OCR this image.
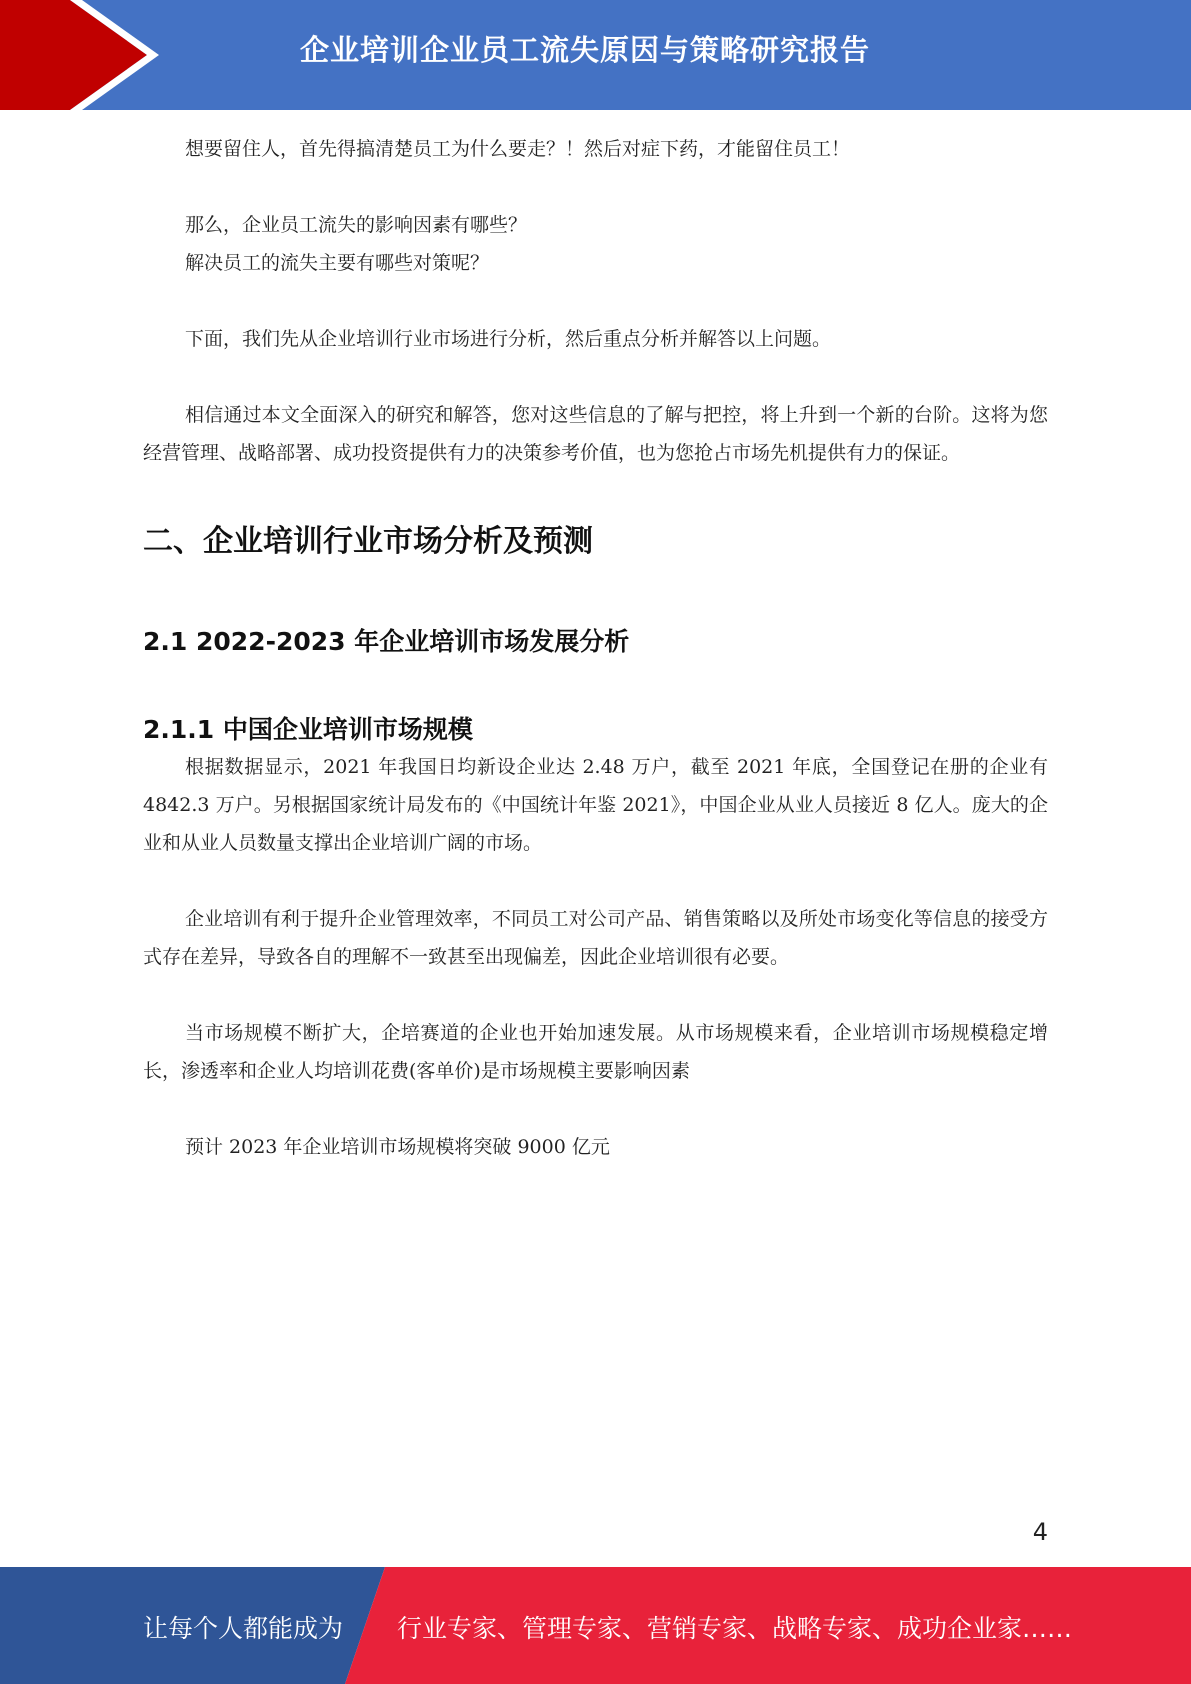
企业培训企业员工流失原因与策略研究报告

想要留住人，首先得搞清楚员工为什么要走？！然后对症下药，才能留住员工！

那么，企业员工流失的影响因素有哪些？

解决员工的流失主要有哪些对策呢？

下面，我们先从企业培训行业市场进行分析，然后重点分析并解答以上问题。

相信通过本文全面深入的研究和解答，您对这些信息的了解与把控，将上升到一个新的台阶。这将为您经营管理、战略部署、成功投资提供有力的决策参考价值，也为您抢占市场先机提供有力的保证。

二、企业培训行业市场分析及预测
2.1 2022-2023 年企业培训市场发展分析
2.1.1 中国企业培训市场规模

根据数据显示，2021 年我国日均新设企业达 2.48 万户，截至 2021 年底，全国登记在册的企业有 4842.3 万户。另根据国家统计局发布的《中国统计年鉴 2021》，中国企业从业人员接近 8 亿人。庞大的企业和从业人员数量支撑出企业培训广阔的市场。

企业培训有利于提升企业管理效率，不同员工对公司产品、销售策略以及所处市场变化等信息的接受方式存在差异，导致各自的理解不一致甚至出现偏差，因此企业培训很有必要。

当市场规模不断扩大，企培赛道的企业也开始加速发展。从市场规模来看，企业培训市场规模稳定增长，渗透率和企业人均培训花费(客单价)是市场规模主要影响因素

预计 2023 年企业培训市场规模将突破 9000 亿元

4
让每个人都能成为 行业专家、管理专家、营销专家、战略专家、成功企业家……
